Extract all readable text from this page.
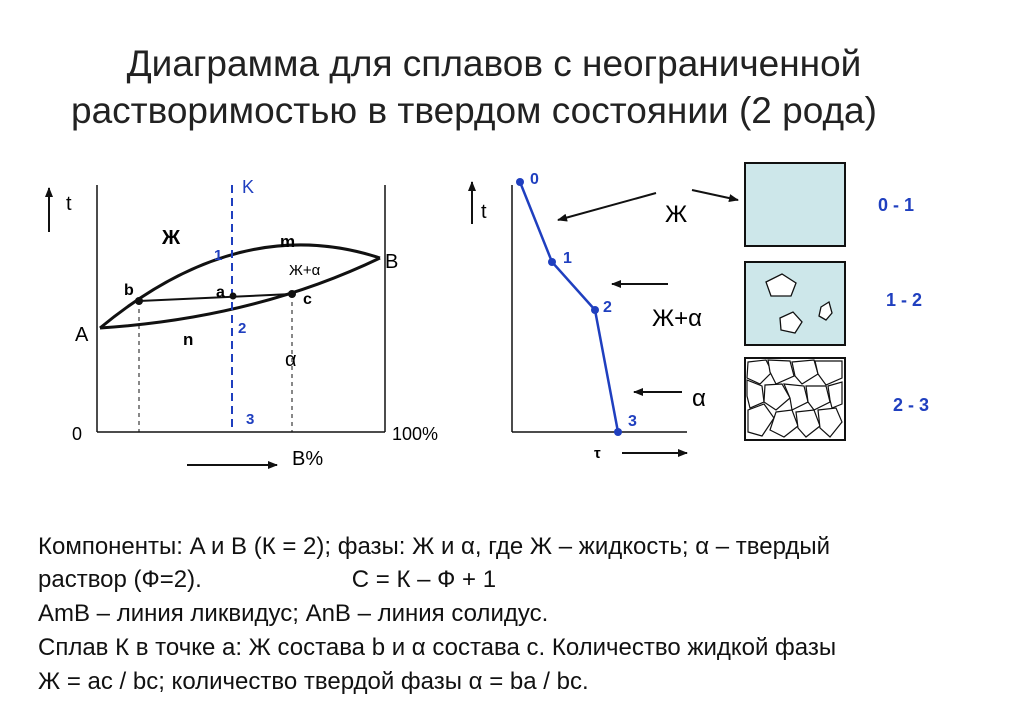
Диаграмма для сплавов с неограниченной
растворимостью в твердом состоянии (2 рода)
t
0	100%
B%
K
A
B
Ж	m
Ж+α
n
α
b	a	c
1
2
3
t
τ
0
1
2
3
Ж
Ж+α
α
0 - 1
1 - 2
2 - 3
Компоненты: A и B (К = 2); фазы: Ж и α, где Ж – жидкость; α – твердый
раствор (Ф=2).	С = К – Ф + 1
AmB – линия ликвидус; AnB – линия солидус.
Сплав К в точке а: Ж состава b и α состава c. Количество жидкой фазы
Ж = ac / bc; количество твердой фазы α = ba / bc.
